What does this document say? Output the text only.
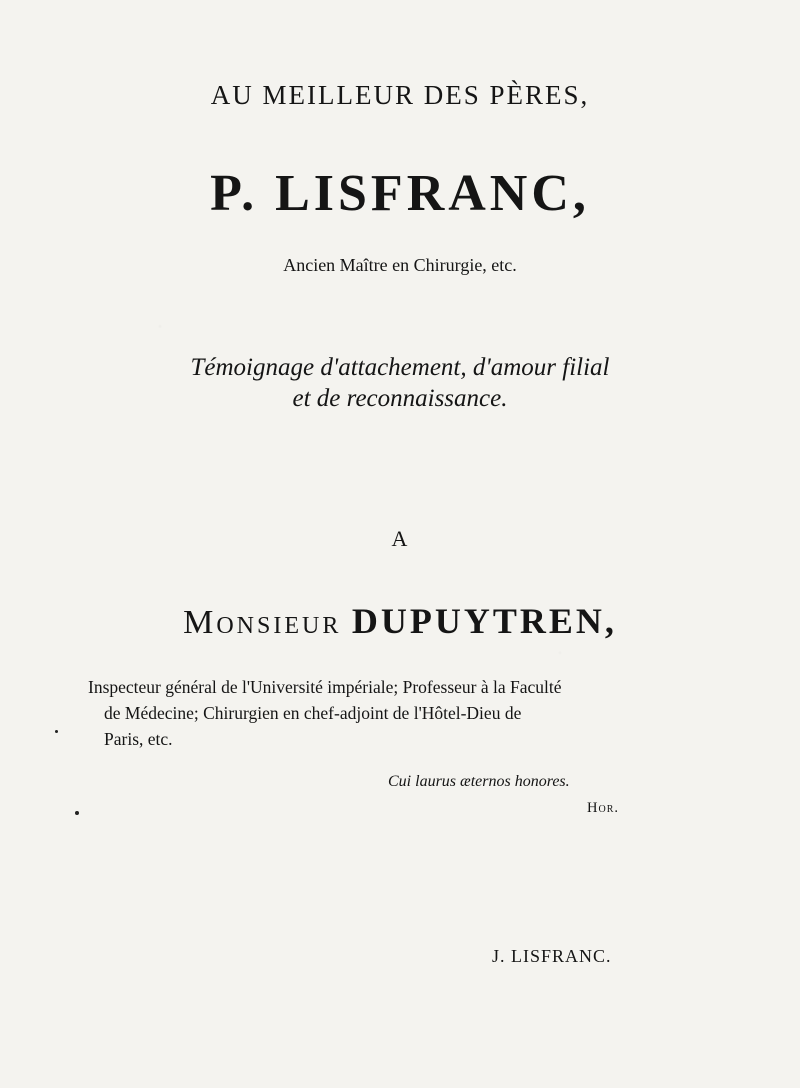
AU MEILLEUR DES PÈRES,
P. LISFRANC,
Ancien Maître en Chirurgie, etc.
Témoignage d'attachement, d'amour filial
et de reconnaissance.
A
Monsieur DUPUYTREN,
Inspecteur général de l'Université impériale; Professeur à la Faculté
de Médecine; Chirurgien en chef-adjoint de l'Hôtel-Dieu de
Paris, etc.
Cui laurus æternos honores.
Hor.
J. LISFRANC.
